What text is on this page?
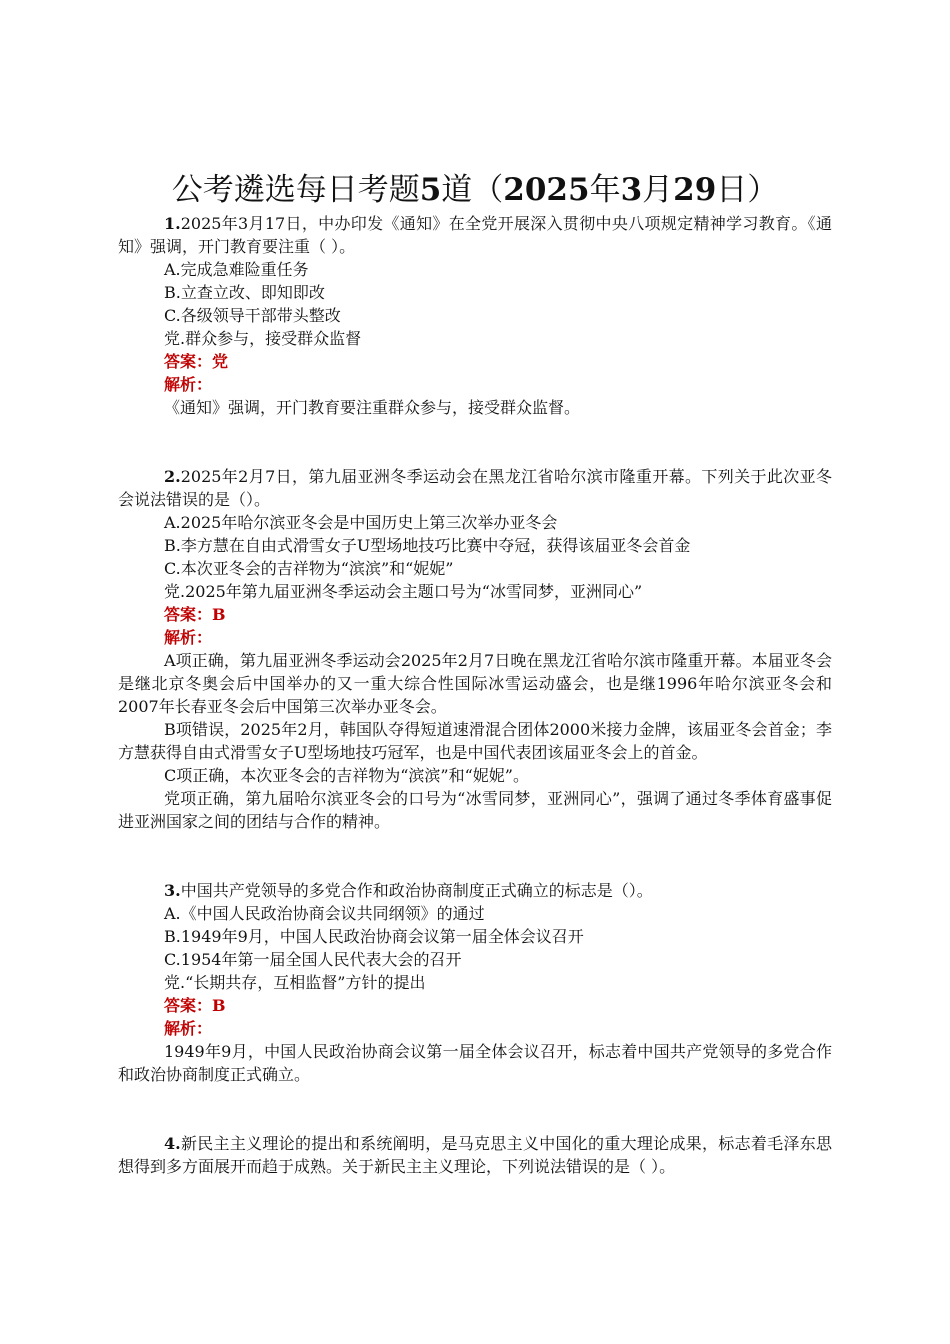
公考遴选每日考题5道（2025年3月29日）

1.2025年3月17日，中办印发《通知》在全党开展深入贯彻中央八项规定精神学习教育。《通知》强调，开门教育要注重（ ）。

A.完成急难险重任务

B.立查立改、即知即改

C.各级领导干部带头整改

党.群众参与，接受群众监督

答案：党

解析：

《通知》强调，开门教育要注重群众参与，接受群众监督。

2.2025年2月7日，第九届亚洲冬季运动会在黑龙江省哈尔滨市隆重开幕。下列关于此次亚冬会说法错误的是（）。

A.2025年哈尔滨亚冬会是中国历史上第三次举办亚冬会

B.李方慧在自由式滑雪女子U型场地技巧比赛中夺冠，获得该届亚冬会首金

C.本次亚冬会的吉祥物为“滨滨”和“妮妮”

党.2025年第九届亚洲冬季运动会主题口号为“冰雪同梦，亚洲同心”

答案：B

解析：

A项正确，第九届亚洲冬季运动会2025年2月7日晚在黑龙江省哈尔滨市隆重开幕。本届亚冬会是继北京冬奥会后中国举办的又一重大综合性国际冰雪运动盛会，也是继1996年哈尔滨亚冬会和2007年长春亚冬会后中国第三次举办亚冬会。

B项错误，2025年2月，韩国队夺得短道速滑混合团体2000米接力金牌，该届亚冬会首金；李方慧获得自由式滑雪女子U型场地技巧冠军，也是中国代表团该届亚冬会上的首金。

C项正确，本次亚冬会的吉祥物为“滨滨”和“妮妮”。

党项正确，第九届哈尔滨亚冬会的口号为“冰雪同梦，亚洲同心”，强调了通过冬季体育盛事促进亚洲国家之间的团结与合作的精神。

3.中国共产党领导的多党合作和政治协商制度正式确立的标志是（）。

A.《中国人民政治协商会议共同纲领》的通过

B.1949年9月，中国人民政治协商会议第一届全体会议召开

C.1954年第一届全国人民代表大会的召开

党.“长期共存，互相监督”方针的提出

答案：B

解析：

1949年9月，中国人民政治协商会议第一届全体会议召开，标志着中国共产党领导的多党合作和政治协商制度正式确立。

4.新民主主义理论的提出和系统阐明，是马克思主义中国化的重大理论成果，标志着毛泽东思想得到多方面展开而趋于成熟。关于新民主主义理论，下列说法错误的是（ ）。
